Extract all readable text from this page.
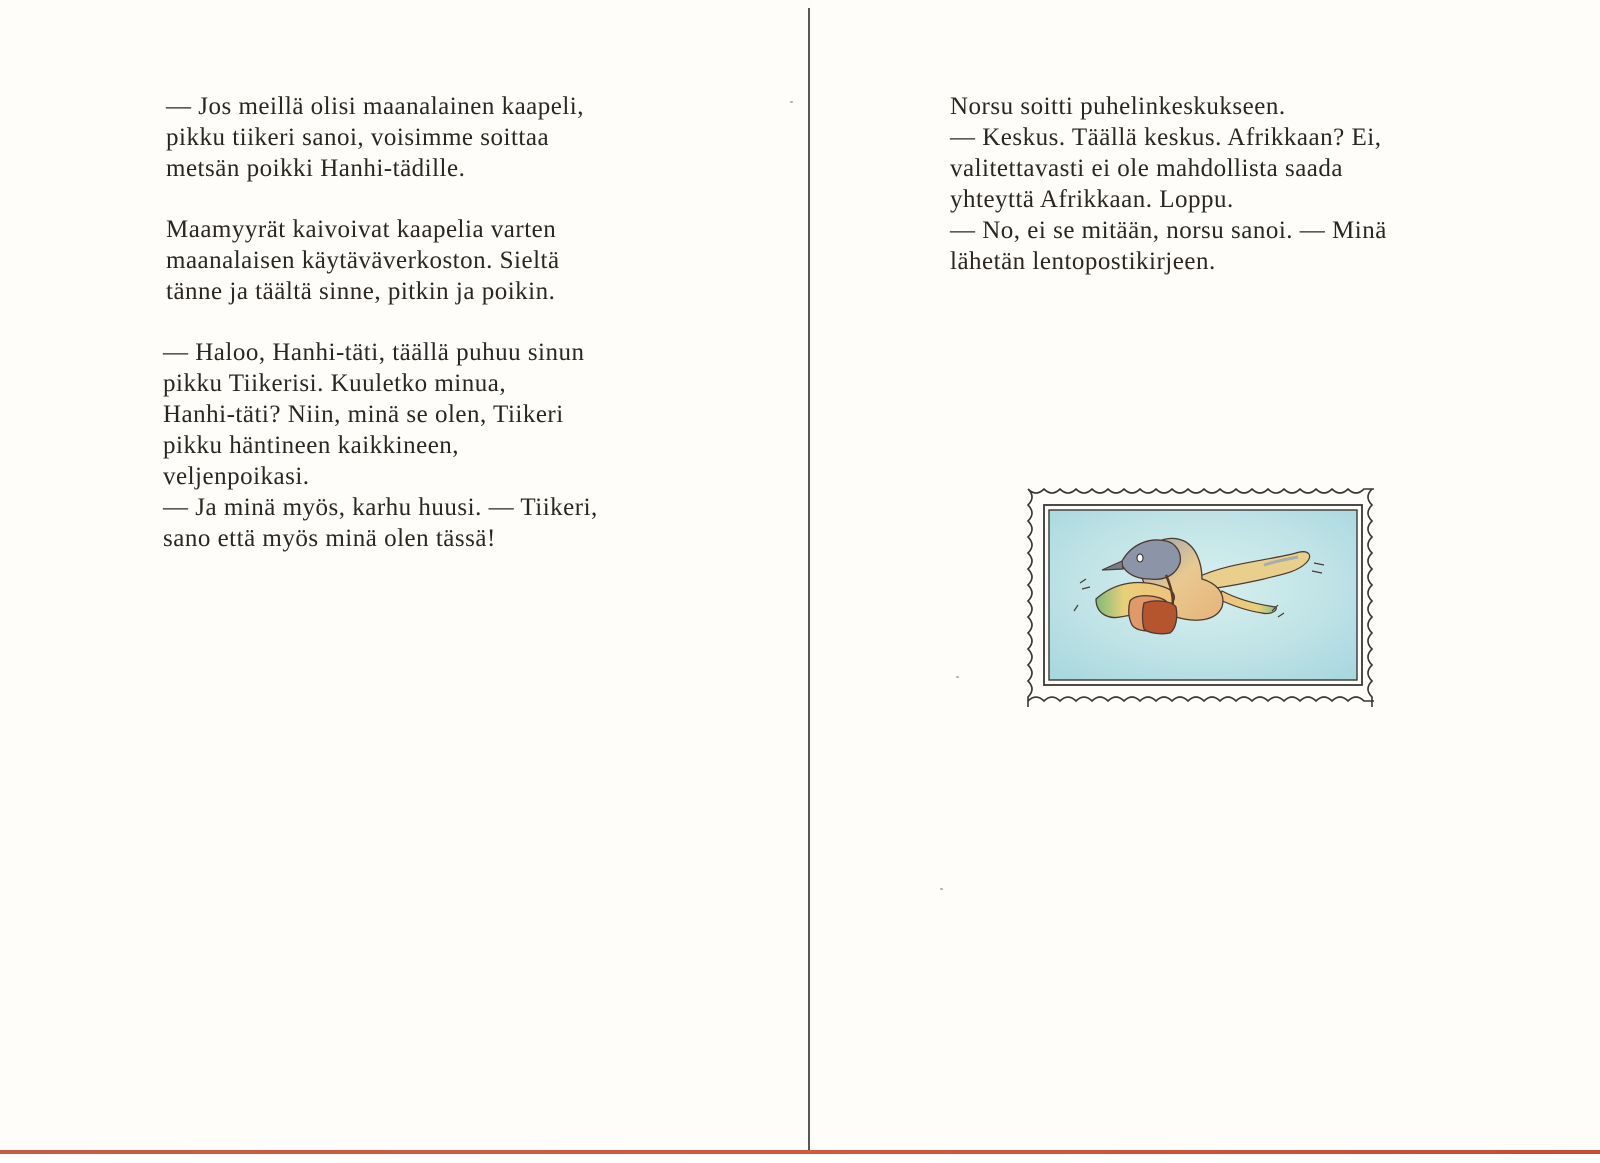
— Jos meillä olisi maanalainen kaapeli,
pikku tiikeri sanoi, voisimme soittaa
metsän poikki Hanhi-tädille.
Maamyyrät kaivoivat kaapelia varten
maanalaisen käytäväverkoston. Sieltä
tänne ja täältä sinne, pitkin ja poikin.
— Haloo, Hanhi-täti, täällä puhuu sinun
pikku Tiikerisi. Kuuletko minua,
Hanhi-täti? Niin, minä se olen, Tiikeri
pikku häntineen kaikkineen,
veljenpoikasi.
— Ja minä myös, karhu huusi. — Tiikeri,
sano että myös minä olen tässä!
Norsu soitti puhelinkeskukseen.
— Keskus. Täällä keskus. Afrikkaan? Ei,
valitettavasti ei ole mahdollista saada
yhteyttä Afrikkaan. Loppu.
— No, ei se mitään, norsu sanoi. — Minä
lähetän lentopostikirjeen.
